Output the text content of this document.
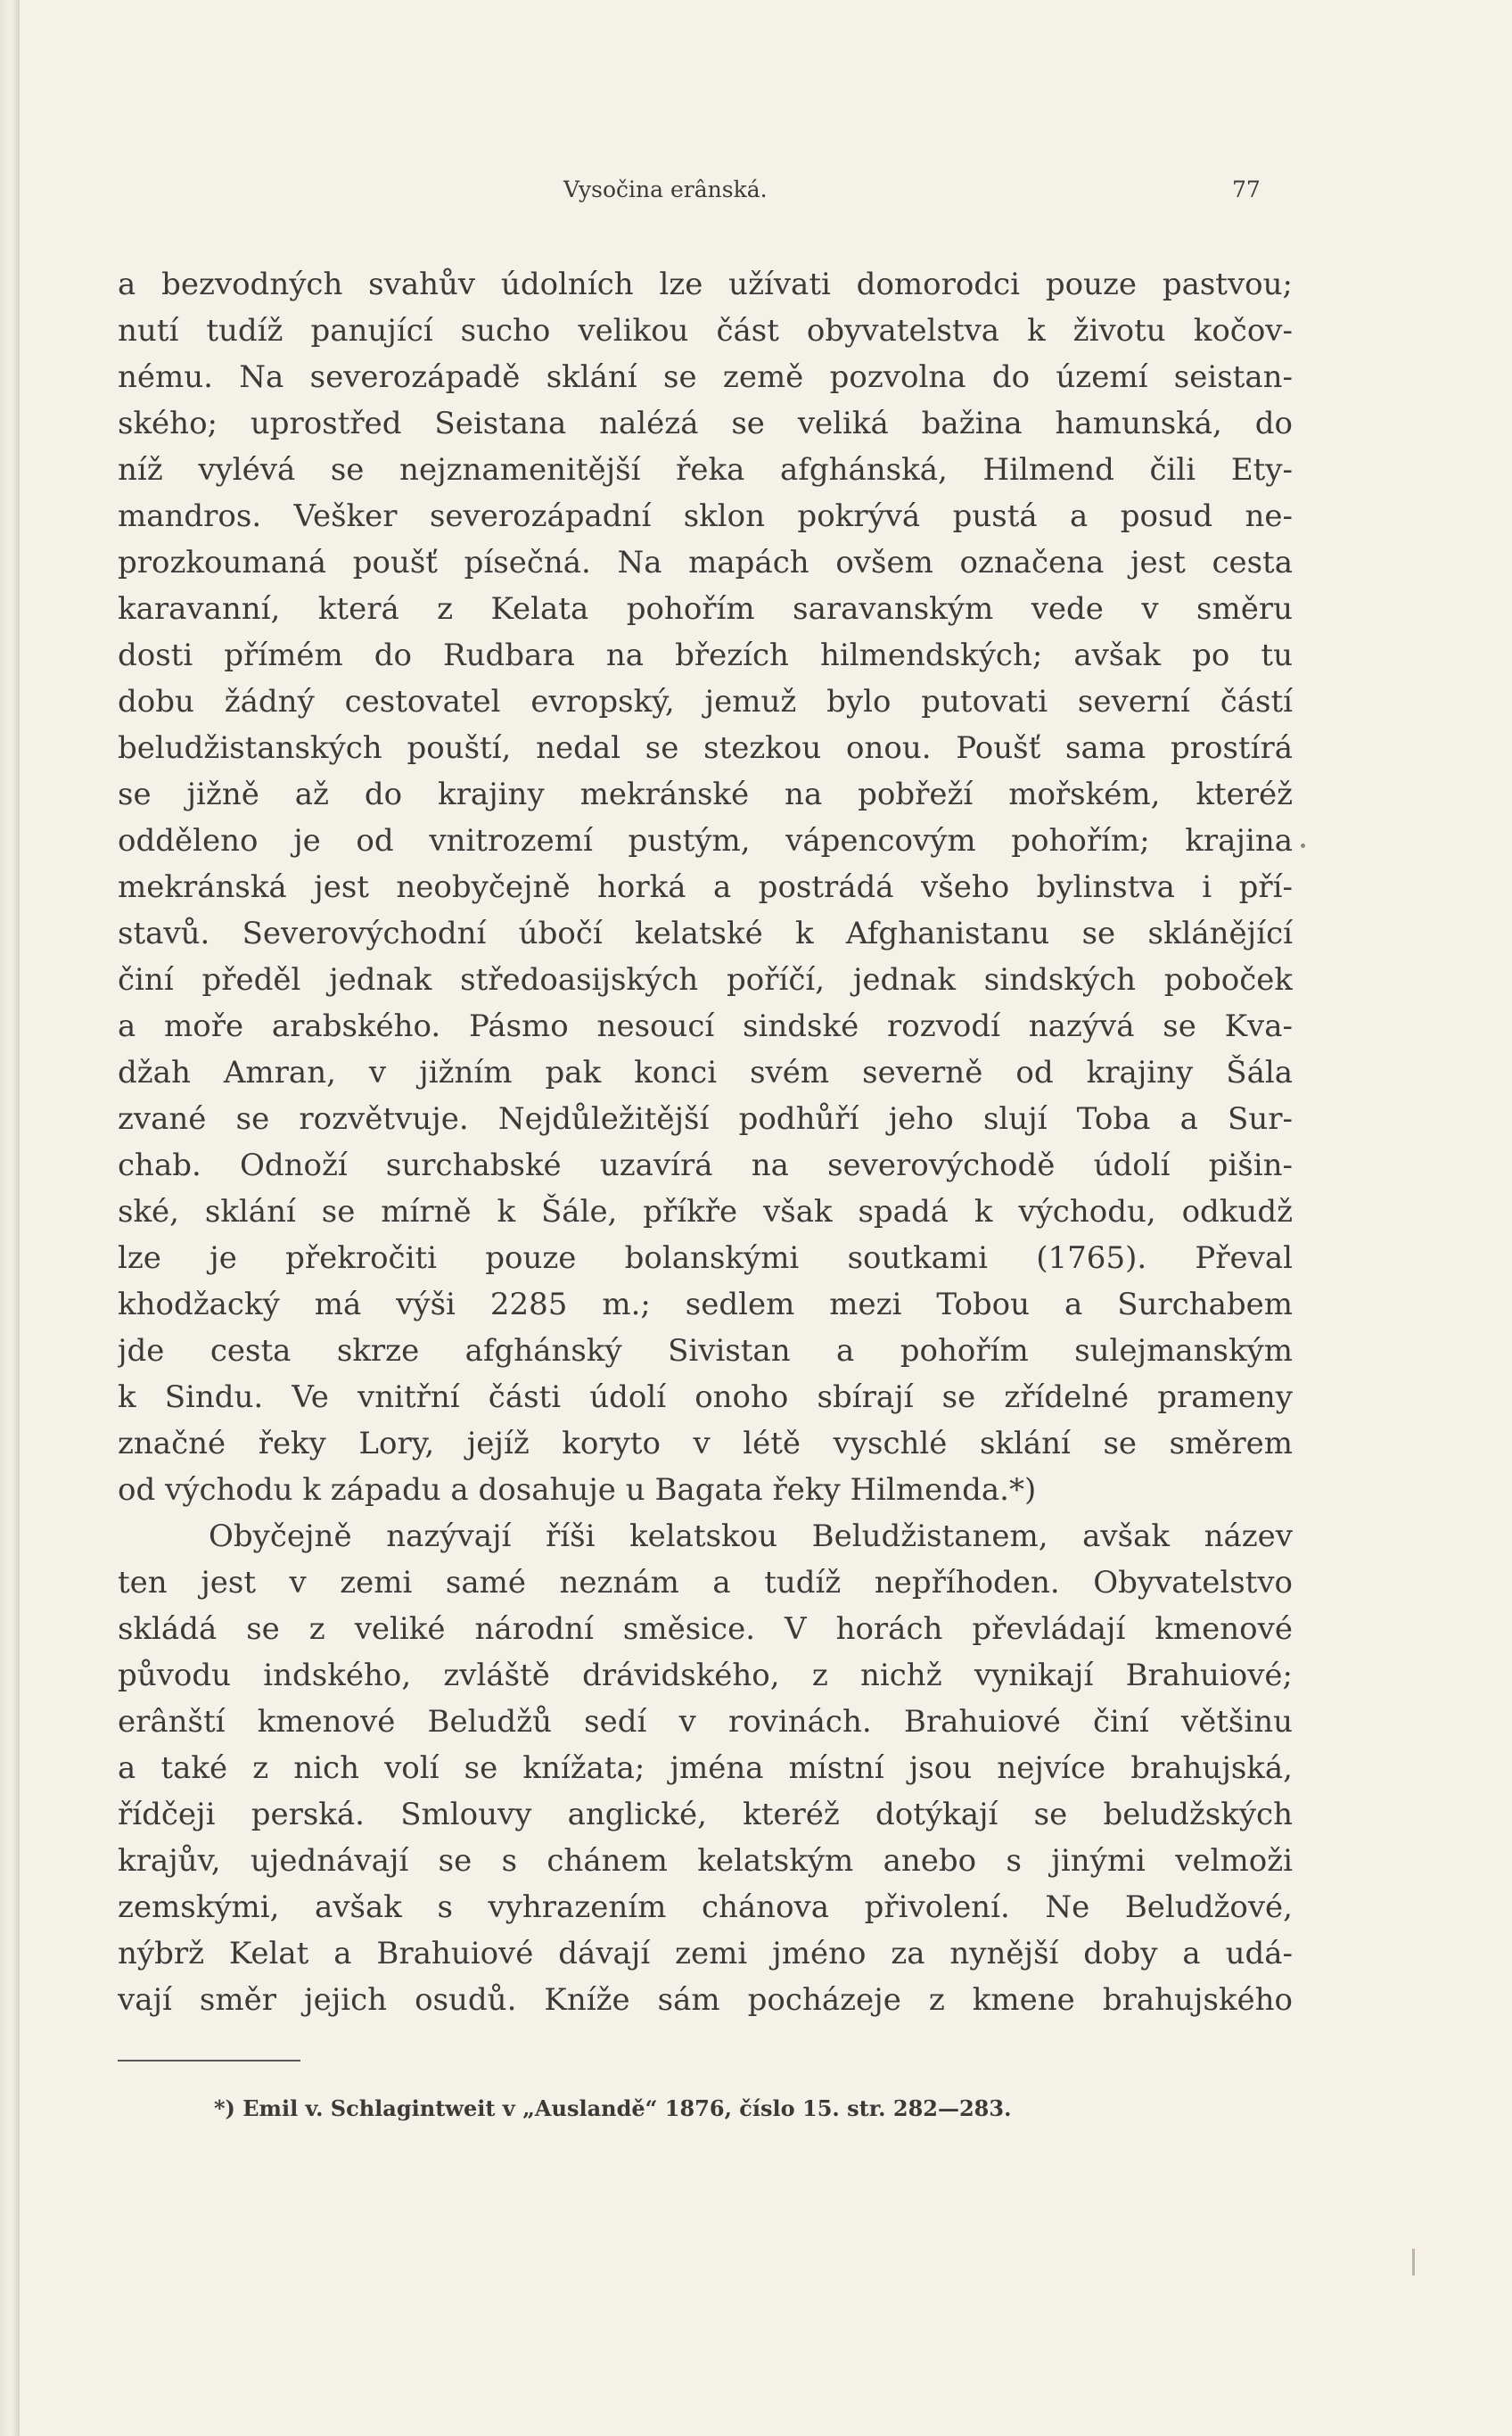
Vysočina erânská.	77
a bezvodných svahův údolních lze užívati domorodci pouze pastvou;
nutí tudíž panující sucho velikou část obyvatelstva k životu kočov-
nému. Na severozápadě sklání se země pozvolna do území seistan-
ského; uprostřed Seistana nalézá se veliká bažina hamunská, do
níž vylévá se nejznamenitější řeka afghánská, Hilmend čili Ety-
mandros. Vešker severozápadní sklon pokrývá pustá a posud ne-
prozkoumaná poušť písečná. Na mapách ovšem označena jest cesta
karavanní, která z Kelata pohořím saravanským vede v směru
dosti přímém do Rudbara na březích hilmendských; avšak po tu
dobu žádný cestovatel evropský, jemuž bylo putovati severní částí
beludžistanských pouští, nedal se stezkou onou. Poušť sama prostírá
se jižně až do krajiny mekránské na pobřeží mořském, kteréž
odděleno je od vnitrozemí pustým, vápencovým pohořím; krajina
mekránská jest neobyčejně horká a postrádá všeho bylinstva i pří-
stavů. Severovýchodní úbočí kelatské k Afghanistanu se sklánějící
činí předěl jednak středoasijských poříčí, jednak sindských poboček
a moře arabského. Pásmo nesoucí sindské rozvodí nazývá se Kva-
džah Amran, v jižním pak konci svém severně od krajiny Šála
zvané se rozvětvuje. Nejdůležitější podhůří jeho slují Toba a Sur-
chab. Odnoží surchabské uzavírá na severovýchodě údolí pišin-
ské, sklání se mírně k Šále, příkře však spadá k východu, odkudž
lze je překročiti pouze bolanskými soutkami (1765). Převal
khodžacký má výši 2285 m.; sedlem mezi Tobou a Surchabem
jde cesta skrze afghánský Sivistan a pohořím sulejmanským
k Sindu. Ve vnitřní části údolí onoho sbírají se zřídelné prameny
značné řeky Lory, jejíž koryto v létě vyschlé sklání se směrem
od východu k západu a dosahuje u Bagata řeky Hilmenda.*)
Obyčejně nazývají říši kelatskou Beludžistanem, avšak název
ten jest v zemi samé neznám a tudíž nepříhoden. Obyvatelstvo
skládá se z veliké národní směsice. V horách převládají kmenové
původu indského, zvláště drávidského, z nichž vynikají Brahuiové;
erânští kmenové Beludžů sedí v rovinách. Brahuiové činí většinu
a také z nich volí se knížata; jména místní jsou nejvíce brahujská,
řídčeji perská. Smlouvy anglické, kteréž dotýkají se beludžských
krajův, ujednávají se s chánem kelatským anebo s jinými velmoži
zemskými, avšak s vyhrazením chánova přivolení. Ne Beludžové,
nýbrž Kelat a Brahuiové dávají zemi jméno za nynější doby a udá-
vají směr jejich osudů. Kníže sám pocházeje z kmene brahujského
*) Emil v. Schlagintweit v „Auslandě“ 1876, číslo 15. str. 282—283.
